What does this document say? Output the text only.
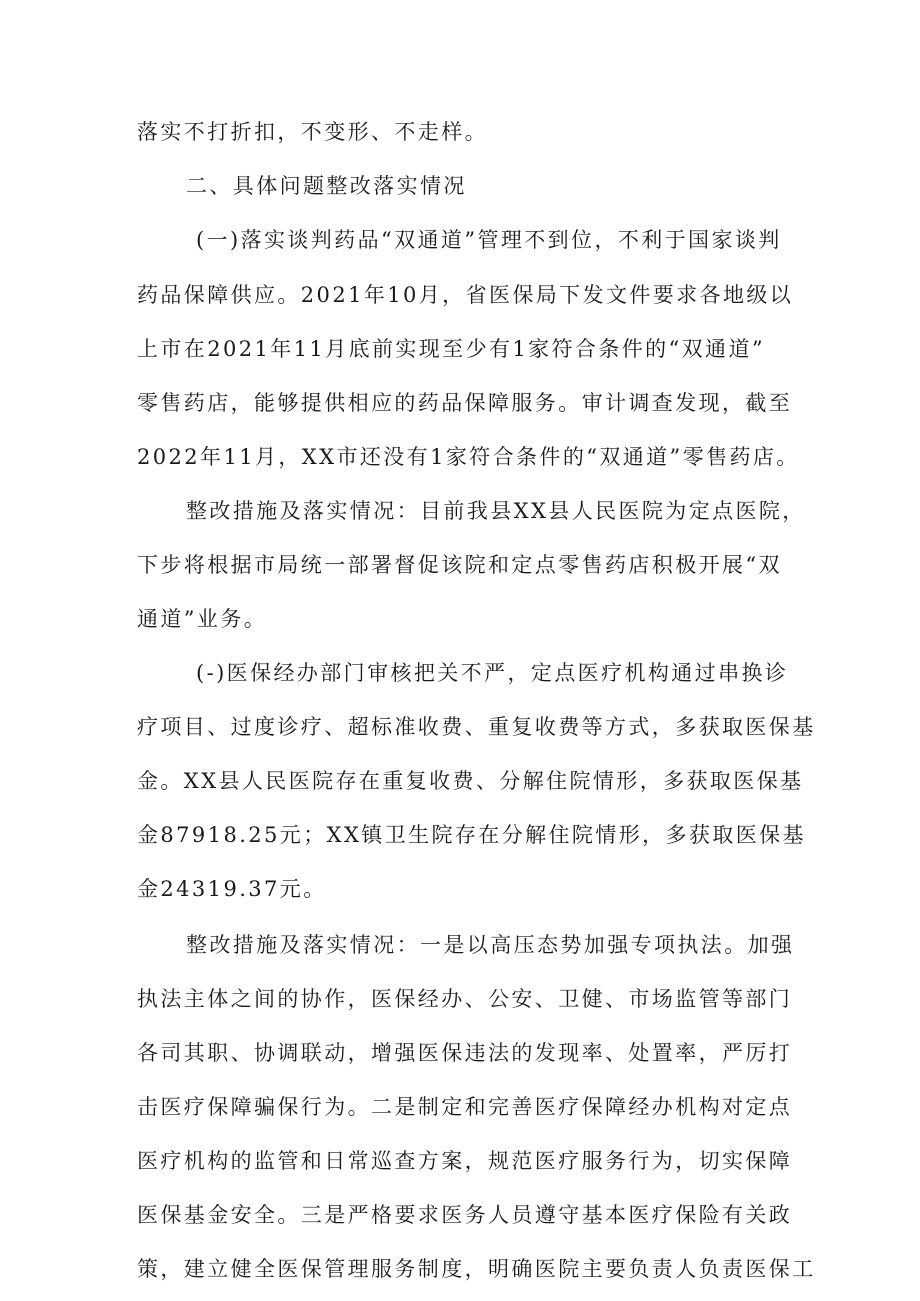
落实不打折扣，不变形、不走样。
二、具体问题整改落实情况
(一)落实谈判药品“双通道”管理不到位，不利于国家谈判
药品保障供应。2021年10月，省医保局下发文件要求各地级以
上市在2021年11月底前实现至少有1家符合条件的“双通道”
零售药店，能够提供相应的药品保障服务。审计调查发现，截至
2022年11月，XX市还没有1家符合条件的“双通道”零售药店。
整改措施及落实情况：目前我县XX县人民医院为定点医院，
下步将根据市局统一部署督促该院和定点零售药店积极开展“双
通道”业务。
(-)医保经办部门审核把关不严，定点医疗机构通过串换诊
疗项目、过度诊疗、超标准收费、重复收费等方式，多获取医保基
金。XX县人民医院存在重复收费、分解住院情形，多获取医保基
金87918.25元；XX镇卫生院存在分解住院情形，多获取医保基
金24319.37元。
整改措施及落实情况：一是以高压态势加强专项执法。加强
执法主体之间的协作，医保经办、公安、卫健、市场监管等部门
各司其职、协调联动，增强医保违法的发现率、处置率，严厉打
击医疗保障骗保行为。二是制定和完善医疗保障经办机构对定点
医疗机构的监管和日常巡查方案，规范医疗服务行为，切实保障
医保基金安全。三是严格要求医务人员遵守基本医疗保险有关政
策，建立健全医保管理服务制度，明确医院主要负责人负责医保工
